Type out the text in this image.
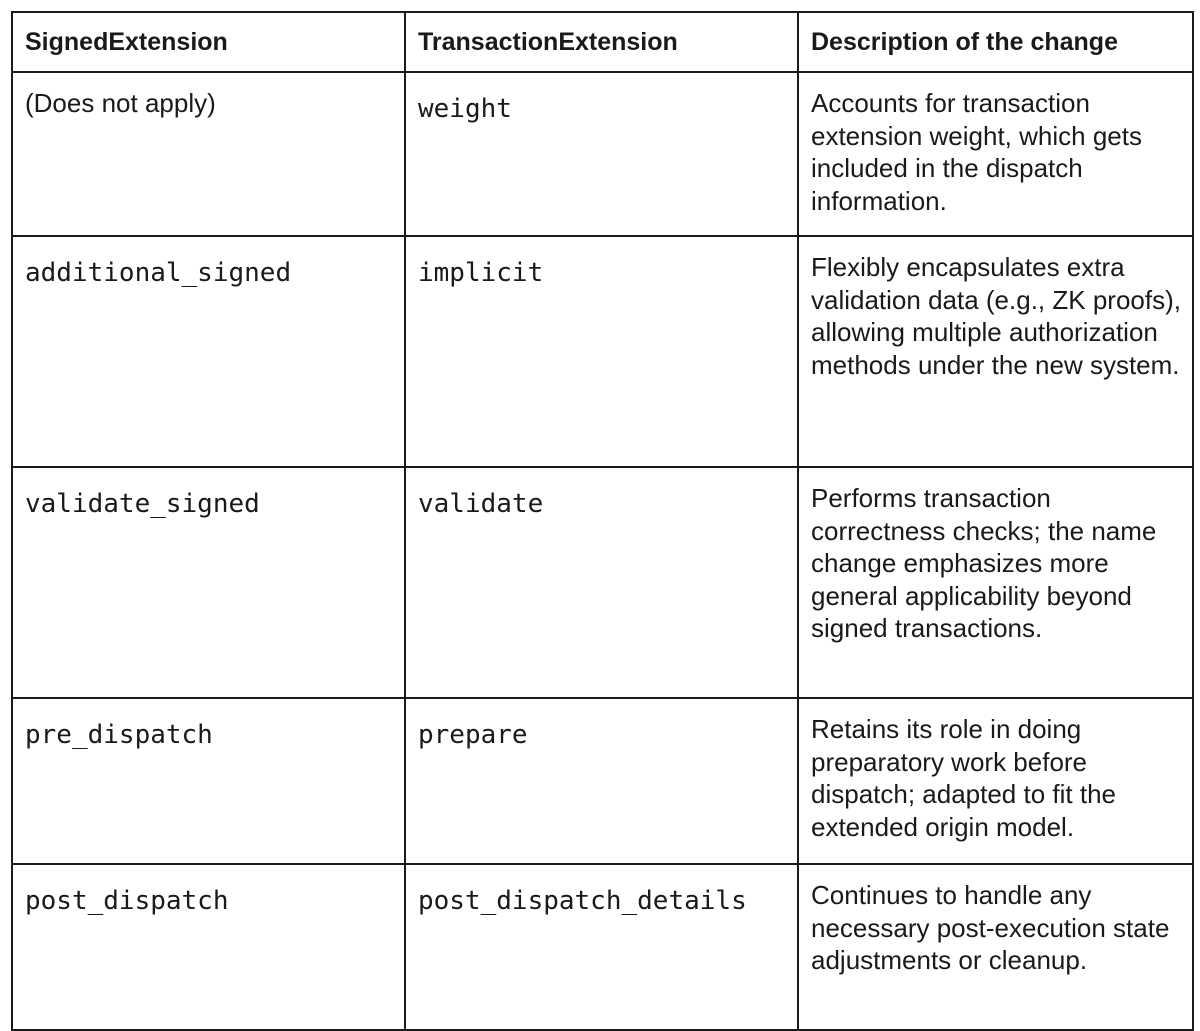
SignedExtension	TransactionExtension	Description of the change
(Does not apply)	weight	Accounts for transaction extension weight, which gets included in the dispatch information.
additional_signed	implicit	Flexibly encapsulates extra validation data (e.g., ZK proofs), allowing multiple authorization methods under the new system.
validate_signed	validate	Performs transaction correctness checks; the name change emphasizes more general applicability beyond signed transactions.
pre_dispatch	prepare	Retains its role in doing preparatory work before dispatch; adapted to fit the extended origin model.
post_dispatch	post_dispatch_details	Continues to handle any necessary post-execution state adjustments or cleanup.
